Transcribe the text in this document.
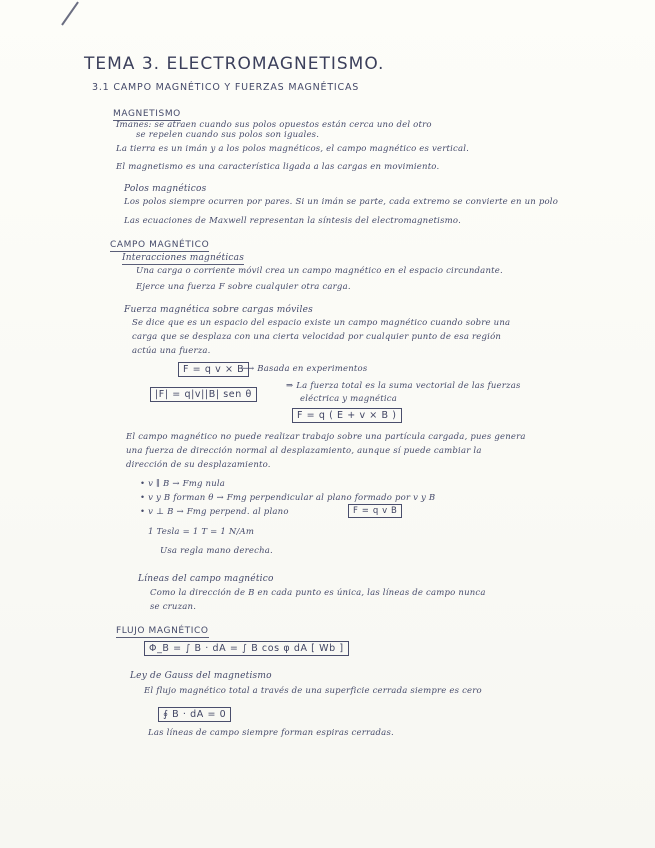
TEMA 3. ELECTROMAGNETISMO.
3.1 CAMPO MAGNÉTICO Y FUERZAS MAGNÉTICAS
MAGNETISMO
Imanes: se atraen cuando sus polos opuestos están cerca uno del otro
se repelen cuando sus polos son iguales.
La tierra es un imán y a los polos magnéticos, el campo magnético es vertical.
El magnetismo es una característica ligada a las cargas en movimiento.
Polos magnéticos
Los polos siempre ocurren por pares. Si un imán se parte, cada extremo se convierte en un polo
Las ecuaciones de Maxwell representan la síntesis del electromagnetismo.
CAMPO MAGNÉTICO
Interacciones magnéticas
Una carga o corriente móvil crea un campo magnético en el espacio circundante.
Ejerce una fuerza F sobre cualquier otra carga.
Fuerza magnética sobre cargas móviles
Se dice que es un espacio del espacio existe un campo magnético cuando sobre una
carga que se desplaza con una cierta velocidad por cualquier punto de esa región
actúa una fuerza.
F = q v × B
⟶ Basada en experimentos
|F| = q|v||B| sen θ
⇒ La fuerza total es la suma vectorial de las fuerzas
eléctrica y magnética
F = q ( E + v × B )
El campo magnético no puede realizar trabajo sobre una partícula cargada, pues genera
una fuerza de dirección normal al desplazamiento, aunque sí puede cambiar la
dirección de su desplazamiento.
• v ∥ B → Fmg nula
• v y B forman θ → Fmg perpendicular al plano formado por v y B
• v ⊥ B → Fmg perpend. al plano	F = q v B
1 Tesla = 1 T = 1 N/Am
Usa regla mano derecha.
Líneas del campo magnético
Como la dirección de B en cada punto es única, las líneas de campo nunca
se cruzan.
FLUJO MAGNÉTICO
Φ_B = ∫ B · dA = ∫ B cos φ dA [ Wb ]
Ley de Gauss del magnetismo
El flujo magnético total a través de una superficie cerrada siempre es cero
∮ B · dA = 0
Las líneas de campo siempre forman espiras cerradas.
